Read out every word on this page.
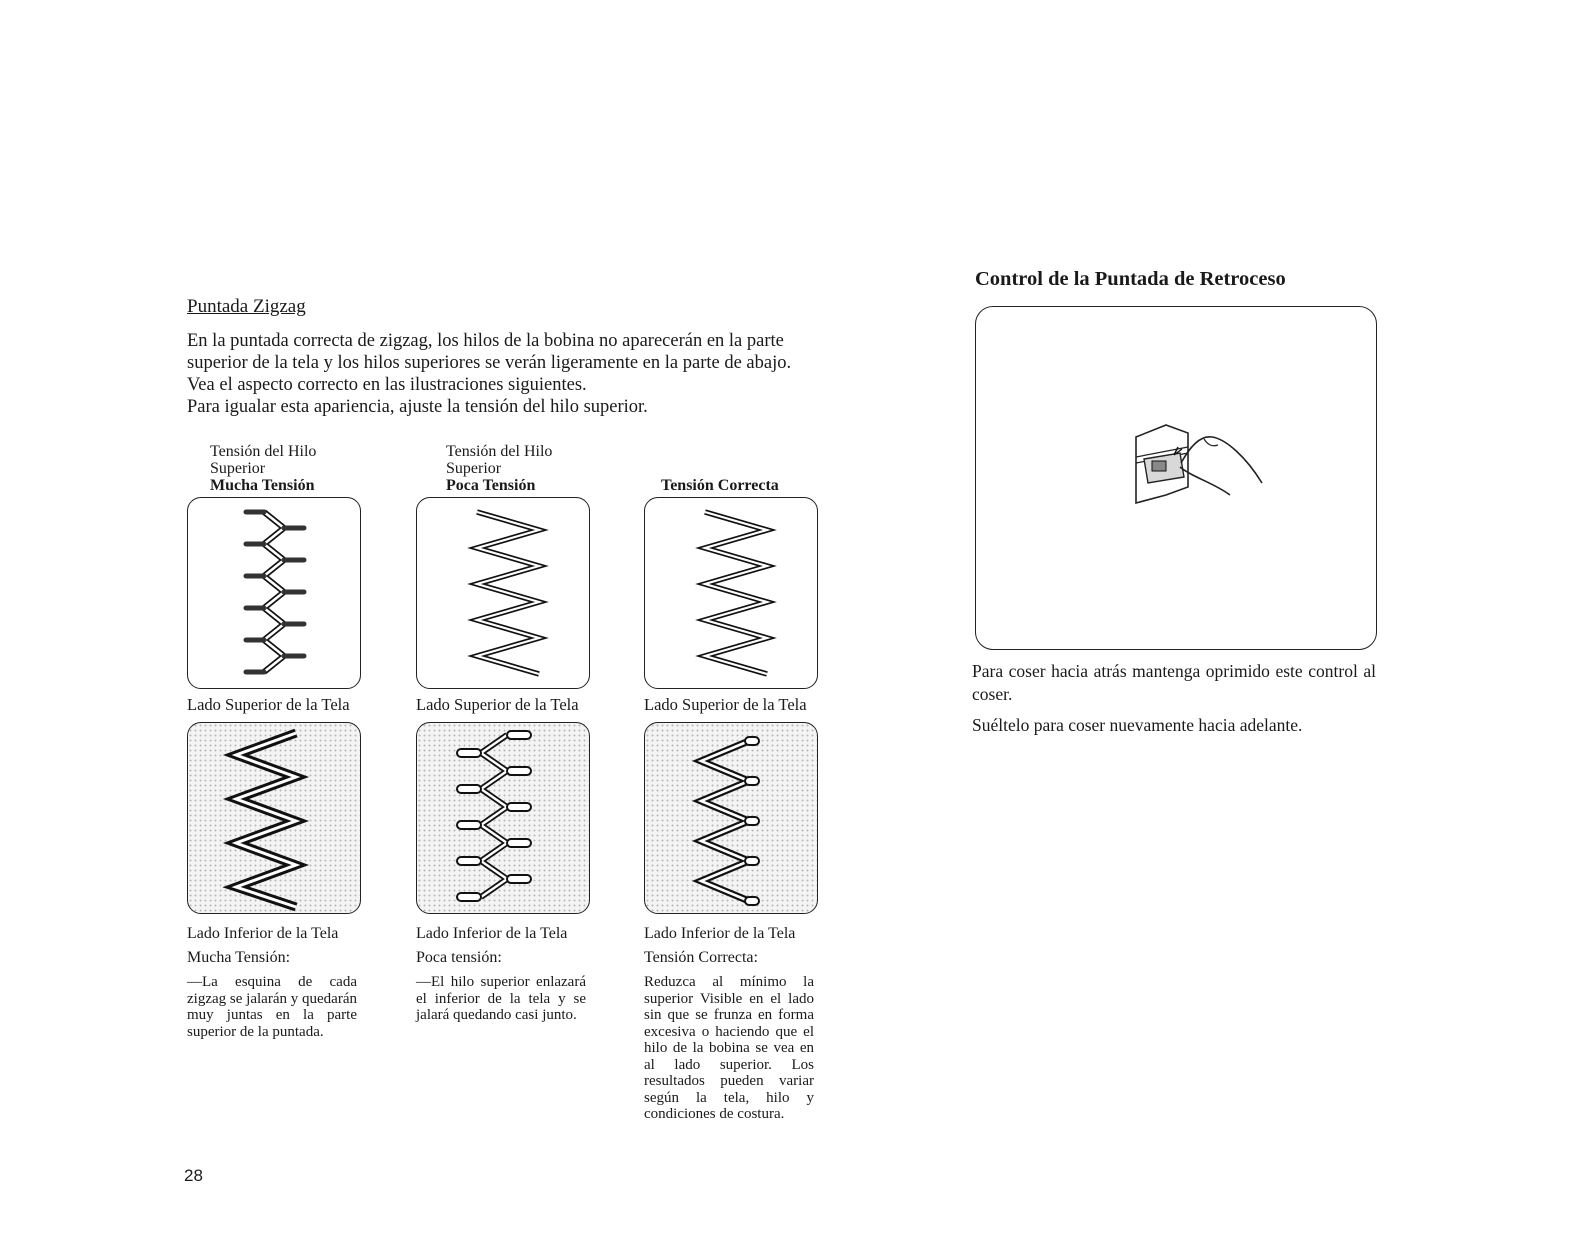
Puntada Zigzag

En la puntada correcta de zigzag, los hilos de la bobina no aparecerán en la parte

superior de la tela y los hilos superiores se verán ligeramente en la parte de abajo.

Vea el aspecto correcto en las ilustraciones siguientes.

Para igualar esta apariencia, ajuste la tensión del hilo superior.

Tensión del Hilo
Superior
Mucha Tensión
Lado Superior de la Tela
Lado Inferior de la Tela
Mucha Tensión:
—La esquina de cada zigzag se jalarán y quedarán muy juntas en la parte superior de la puntada.
Tensión del Hilo
Superior
Poca Tensión
Lado Superior de la Tela
Lado Inferior de la Tela
Poca tensión:
—El hilo superior enlazará el inferior de la tela y se jalará quedando casi junto.
Tensión Correcta
Lado Superior de la Tela
Lado Inferior de la Tela
Tensión Correcta:
Reduzca al mínimo la superior Visible en el lado sin que se frunza en forma excesiva o haciendo que el hilo de la bobina se vea en al lado superior. Los resultados pueden variar según la tela, hilo y condiciones de costura.
28
Control de la Puntada de Retroceso

Para coser hacia atrás mantenga oprimido este control al coser.

Suéltelo para coser nuevamente hacia adelante.
